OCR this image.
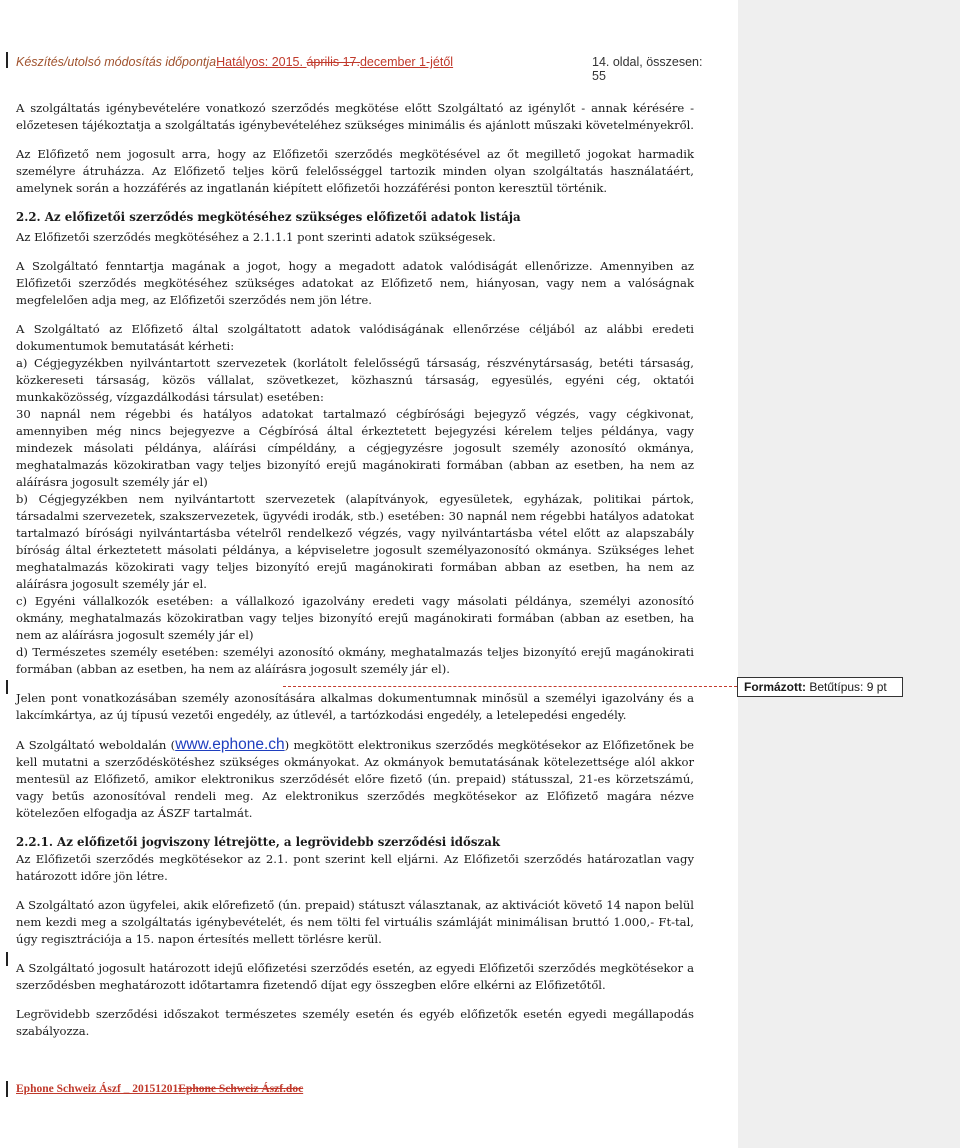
Készítés/utolsó módosítás időpontjaHatályos: 2015. április 17.december 1-jétől	14. oldal, összesen: 55

A szolgáltatás igénybevételére vonatkozó szerződés megkötése előtt Szolgáltató az igénylőt - annak kérésére - előzetesen tájékoztatja a szolgáltatás igénybevételéhez szükséges minimális és ajánlott műszaki követelményekről.

Az Előfizető nem jogosult arra, hogy az Előfizetői szerződés megkötésével az őt megillető jogokat harmadik személyre átruházza. Az Előfizető teljes körű felelősséggel tartozik minden olyan szolgáltatás használatáért, amelynek során a hozzáférés az ingatlanán kiépített előfizetői hozzáférési ponton keresztül történik.

2.2. Az előfizetői szerződés megkötéséhez szükséges előfizetői adatok listája

Az Előfizetői szerződés megkötéséhez a 2.1.1.1 pont szerinti adatok szükségesek.

A Szolgáltató fenntartja magának a jogot, hogy a megadott adatok valódiságát ellenőrizze. Amennyiben az Előfizetői szerződés megkötéséhez szükséges adatokat az Előfizető nem, hiányosan, vagy nem a valóságnak megfelelően adja meg, az Előfizetői szerződés nem jön létre.

A Szolgáltató az Előfizető által szolgáltatott adatok valódiságának ellenőrzése céljából az alábbi eredeti dokumentumok bemutatását kérheti:

a) Cégjegyzékben nyilvántartott szervezetek (korlátolt felelősségű társaság, részvénytársaság, betéti társaság, közkereseti társaság, közös vállalat, szövetkezet, közhasznú társaság, egyesülés, egyéni cég, oktatói munkaközösség, vízgazdálkodási társulat) esetében:

30 napnál nem régebbi és hatályos adatokat tartalmazó cégbírósági bejegyző végzés, vagy cégkivonat, amennyiben még nincs bejegyezve a Cégbírósá által érkeztetett bejegyzési kérelem teljes példánya, vagy mindezek másolati példánya, aláírási címpéldány, a cégjegyzésre jogosult személy azonosító okmánya, meghatalmazás közokiratban vagy teljes bizonyító erejű magánokirati formában (abban az esetben, ha nem az aláírásra jogosult személy jár el)

b) Cégjegyzékben nem nyilvántartott szervezetek (alapítványok, egyesületek, egyházak, politikai pártok, társadalmi szervezetek, szakszervezetek, ügyvédi irodák, stb.) esetében: 30 napnál nem régebbi hatályos adatokat tartalmazó bírósági nyilvántartásba vételről rendelkező végzés, vagy nyilvántartásba vétel előtt az alapszabály bíróság által érkeztetett másolati példánya, a képviseletre jogosult személyazonosító okmánya. Szükséges lehet meghatalmazás közokirati vagy teljes bizonyító erejű magánokirati formában abban az esetben, ha nem az aláírásra jogosult személy jár el.

c) Egyéni vállalkozók esetében: a vállalkozó igazolvány eredeti vagy másolati példánya, személyi azonosító okmány, meghatalmazás közokiratban vagy teljes bizonyító erejű magánokirati formában (abban az esetben, ha nem az aláírásra jogosult személy jár el)

d) Természetes személy esetében: személyi azonosító okmány, meghatalmazás teljes bizonyító erejű magánokirati formában (abban az esetben, ha nem az aláírásra jogosult személy jár el).

Jelen pont vonatkozásában személy azonosítására alkalmas dokumentumnak minősül a személyi igazolvány és a lakcímkártya, az új típusú vezetői engedély, az útlevél, a tartózkodási engedély, a letelepedési engedély.

A Szolgáltató weboldalán (www.ephone.ch) megkötött elektronikus szerződés megkötésekor az Előfizetőnek be kell mutatni a szerződéskötéshez szükséges okmányokat. Az okmányok bemutatásának kötelezettsége alól akkor mentesül az Előfizető, amikor elektronikus szerződését előre fizető (ún. prepaid) státusszal, 21-es körzetszámú, vagy betűs azonosítóval rendeli meg. Az elektronikus szerződés megkötésekor az Előfizető magára nézve kötelezően elfogadja az ÁSZF tartalmát.

2.2.1. Az előfizetői jogviszony létrejötte, a legrövidebb szerződési időszak

Az Előfizetői szerződés megkötésekor az 2.1. pont szerint kell eljárni. Az Előfizetői szerződés határozatlan vagy határozott időre jön létre.

A Szolgáltató azon ügyfelei, akik előrefizető (ún. prepaid) státuszt választanak, az aktivációt követő 14 napon belül nem kezdi meg a szolgáltatás igénybevételét, és nem tölti fel virtuális számláját minimálisan bruttó 1.000,- Ft-tal, úgy regisztrációja a 15. napon értesítés mellett törlésre kerül.

A Szolgáltató jogosult határozott idejű előfizetési szerződés esetén, az egyedi Előfizetői szerződés megkötésekor a szerződésben meghatározott időtartamra fizetendő díjat egy összegben előre elkérni az Előfizetőtől.

Legrövidebb szerződési időszakot természetes személy esetén és egyéb előfizetők esetén egyedi megállapodás szabályozza.

Formázott: Betűtípus: 9 pt
Ephone Schweiz Ászf _ 20151201Ephone Schweiz Ászf.doc
